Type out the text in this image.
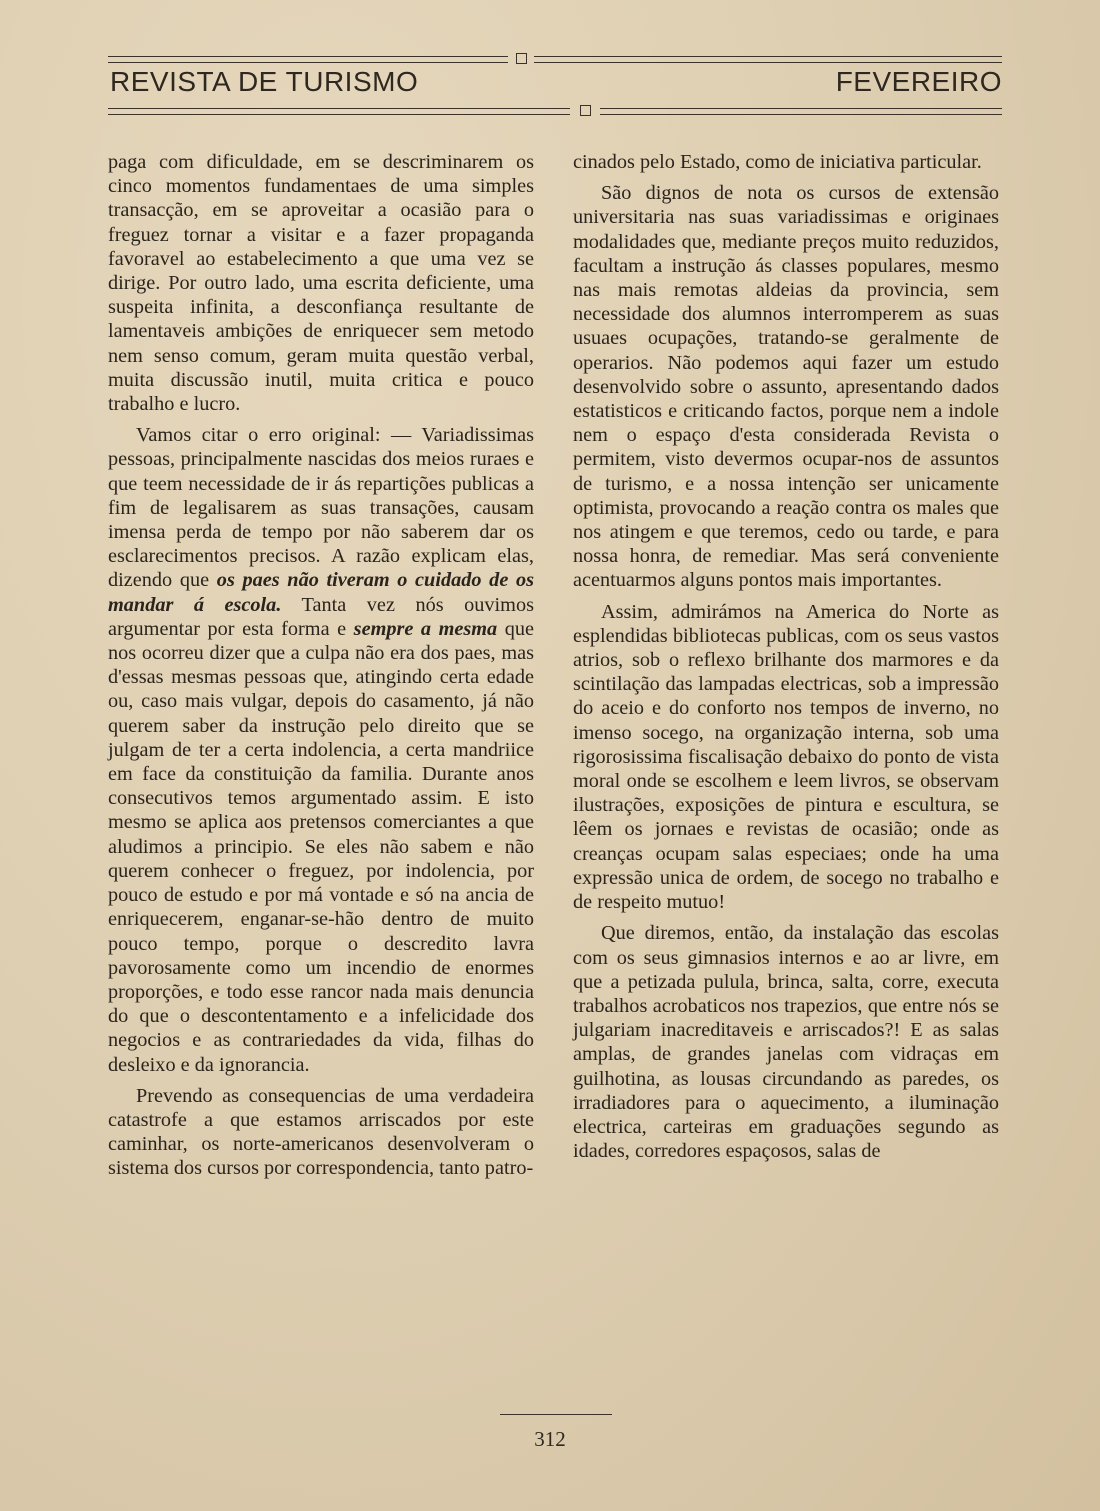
REVISTA DE TURISMO	FEVEREIRO

paga com dificuldade, em se descriminarem os cinco momentos fundamentaes de uma simples transacção, em se aproveitar a ocasião para o freguez tornar a visitar e a fazer propaganda favoravel ao estabelecimento a que uma vez se dirige. Por outro lado, uma escrita deficiente, uma suspeita infinita, a desconfiança resultante de lamentaveis ambições de enriquecer sem metodo nem senso comum, geram muita questão verbal, muita discussão inutil, muita critica e pouco trabalho e lucro.

Vamos citar o erro original: — Variadissimas pessoas, principalmente nascidas dos meios ruraes e que teem necessidade de ir ás repartições publicas a fim de legalisarem as suas transações, causam imensa perda de tempo por não saberem dar os esclarecimentos precisos. A razão explicam elas, dizendo que os paes não tiveram o cuidado de os mandar á escola. Tanta vez nós ouvimos argumentar por esta forma e sempre a mesma que nos ocorreu dizer que a culpa não era dos paes, mas d'essas mesmas pessoas que, atingindo certa edade ou, caso mais vulgar, depois do casamento, já não querem saber da instrução pelo direito que se julgam de ter a certa indolencia, a certa mandriice em face da constituição da familia. Durante anos consecutivos temos argumentado assim. E isto mesmo se aplica aos pretensos comerciantes a que aludimos a principio. Se eles não sabem e não querem conhecer o freguez, por indolencia, por pouco de estudo e por má vontade e só na ancia de enriquecerem, enganar-se-hão dentro de muito pouco tempo, porque o descredito lavra pavorosamente como um incendio de enormes proporções, e todo esse rancor nada mais denuncia do que o descontentamento e a infelicidade dos negocios e as contrariedades da vida, filhas do desleixo e da ignorancia.

Prevendo as consequencias de uma verdadeira catastrofe a que estamos arriscados por este caminhar, os norte-americanos desenvolveram o sistema dos cursos por correspondencia, tanto patro-

cinados pelo Estado, como de iniciativa particular.

São dignos de nota os cursos de extensão universitaria nas suas variadissimas e originaes modalidades que, mediante preços muito reduzidos, facultam a instrução ás classes populares, mesmo nas mais remotas aldeias da provincia, sem necessidade dos alumnos interromperem as suas usuaes ocupações, tratando-se geralmente de operarios. Não podemos aqui fazer um estudo desenvolvido sobre o assunto, apresentando dados estatisticos e criticando factos, porque nem a indole nem o espaço d'esta considerada Revista o permitem, visto devermos ocupar-nos de assuntos de turismo, e a nossa intenção ser unicamente optimista, provocando a reação contra os males que nos atingem e que teremos, cedo ou tarde, e para nossa honra, de remediar. Mas será conveniente acentuarmos alguns pontos mais importantes.

Assim, admirámos na America do Norte as esplendidas bibliotecas publicas, com os seus vastos atrios, sob o reflexo brilhante dos marmores e da scintilação das lampadas electricas, sob a impressão do aceio e do conforto nos tempos de inverno, no imenso socego, na organização interna, sob uma rigorosissima fiscalisação debaixo do ponto de vista moral onde se escolhem e leem livros, se observam ilustrações, exposições de pintura e escultura, se lêem os jornaes e revistas de ocasião; onde as creanças ocupam salas especiaes; onde ha uma expressão unica de ordem, de socego no trabalho e de respeito mutuo!

Que diremos, então, da instalação das escolas com os seus gimnasios internos e ao ar livre, em que a petizada pulula, brinca, salta, corre, executa trabalhos acrobaticos nos trapezios, que entre nós se julgariam inacreditaveis e arriscados?! E as salas amplas, de grandes janelas com vidraças em guilhotina, as lousas circundando as paredes, os irradiadores para o aquecimento, a iluminação electrica, carteiras em graduações segundo as idades, corredores espaçosos, salas de

312
